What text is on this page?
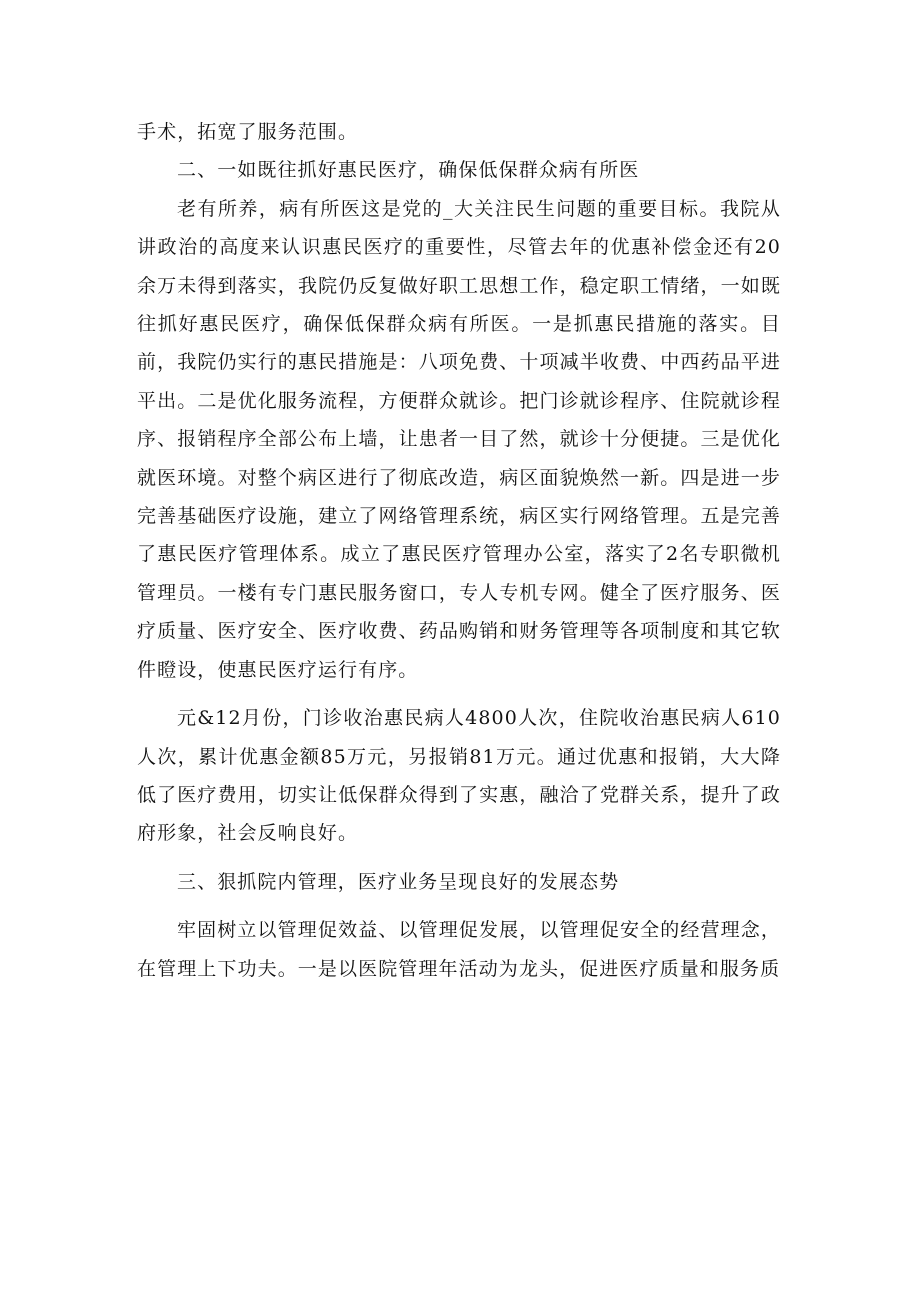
手术，拓宽了服务范围。

二、一如既往抓好惠民医疗，确保低保群众病有所医

老有所养，病有所医这是党的_大关注民生问题的重要目标。我院从讲政治的高度来认识惠民医疗的重要性，尽管去年的优惠补偿金还有20余万未得到落实，我院仍反复做好职工思想工作，稳定职工情绪，一如既往抓好惠民医疗，确保低保群众病有所医。一是抓惠民措施的落实。目前，我院仍实行的惠民措施是：八项免费、十项减半收费、中西药品平进平出。二是优化服务流程，方便群众就诊。把门诊就诊程序、住院就诊程序、报销程序全部公布上墙，让患者一目了然，就诊十分便捷。三是优化就医环境。对整个病区进行了彻底改造，病区面貌焕然一新。四是进一步完善基础医疗设施，建立了网络管理系统，病区实行网络管理。五是完善了惠民医疗管理体系。成立了惠民医疗管理办公室，落实了2名专职微机管理员。一楼有专门惠民服务窗口，专人专机专网。健全了医疗服务、医疗质量、医疗安全、医疗收费、药品购销和财务管理等各项制度和其它软件瞪设，使惠民医疗运行有序。

元&12月份，门诊收治惠民病人4800人次，住院收治惠民病人610人次，累计优惠金额85万元，另报销81万元。通过优惠和报销，大大降低了医疗费用，切实让低保群众得到了实惠，融洽了党群关系，提升了政府形象，社会反响良好。

三、狠抓院内管理，医疗业务呈现良好的发展态势

牢固树立以管理促效益、以管理促发展，以管理促安全的经营理念，在管理上下功夫。一是以医院管理年活动为龙头，促进医疗质量和服务质
